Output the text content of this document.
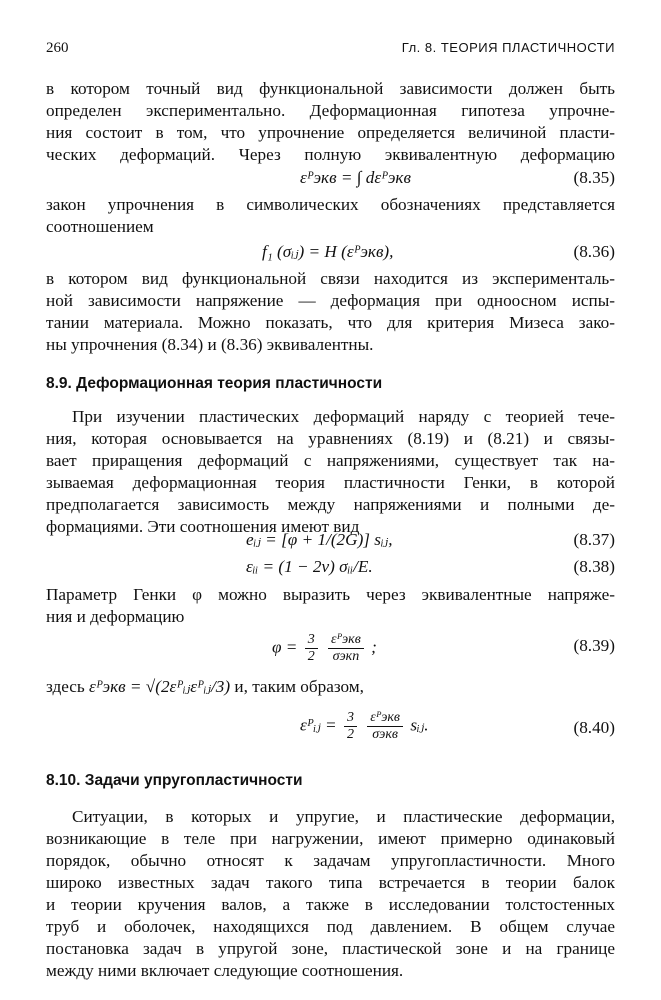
260	Гл. 8. ТЕОРИЯ ПЛАСТИЧНОСТИ
в котором точный вид функциональной зависимости должен быть
определен экспериментально. Деформационная гипотеза упрочне-
ния состоит в том, что упрочнение определяется величиной пласти-
ческих деформаций. Через полную эквивалентную деформацию
εᴾэкв = ∫ dεᴾэкв	(8.35)
закон упрочнения в символических обозначениях представляется
соотношением
f₁ (σᵢⱼ) = H (εᴾэкв),	(8.36)
в котором вид функциональной связи находится из эксперименталь-
ной зависимости напряжение — деформация при одноосном испы-
тании материала. Можно показать, что для критерия Мизеса зако-
ны упрочнения (8.34) и (8.36) эквивалентны.
8.9. Деформационная теория пластичности
При изучении пластических деформаций наряду с теорией тече-
ния, которая основывается на уравнениях (8.19) и (8.21) и связы-
вает приращения деформаций с напряжениями, существует так на-
зываемая деформационная теория пластичности Генки, в которой
предполагается зависимость между напряжениями и полными де-
формациями. Эти соотношения имеют вид
eᵢⱼ = [φ + 1/(2G)] sᵢⱼ,	(8.37)
εᵢᵢ = (1 − 2ν) σᵢᵢ/E.	(8.38)
Параметр Генки φ можно выразить через эквивалентные напряже-
ния и деформацию
$\varphi = \frac{3}{2}$
$\frac{\text{εᴾэкв}}{\text{σэкп}}$ ;	(8.39)
здесь εᴾэкв = √(2εᴾᵢⱼεᴾᵢⱼ/3) и, таким образом,
εᴾᵢⱼ = $\frac{3}{2}$
$\frac{\text{εᴾэкв}}{\text{σэкв}}$ sᵢⱼ.	(8.40)
8.10. Задачи упругопластичности
Ситуации, в которых и упругие, и пластические деформации,
возникающие в теле при нагружении, имеют примерно одинаковый
порядок, обычно относят к задачам упругопластичности. Много
широко известных задач такого типа встречается в теории балок
и теории кручения валов, а также в исследовании толстостенных
труб и оболочек, находящихся под давлением. В общем случае
постановка задач в упругой зоне, пластической зоне и на границе
между ними включает следующие соотношения.
